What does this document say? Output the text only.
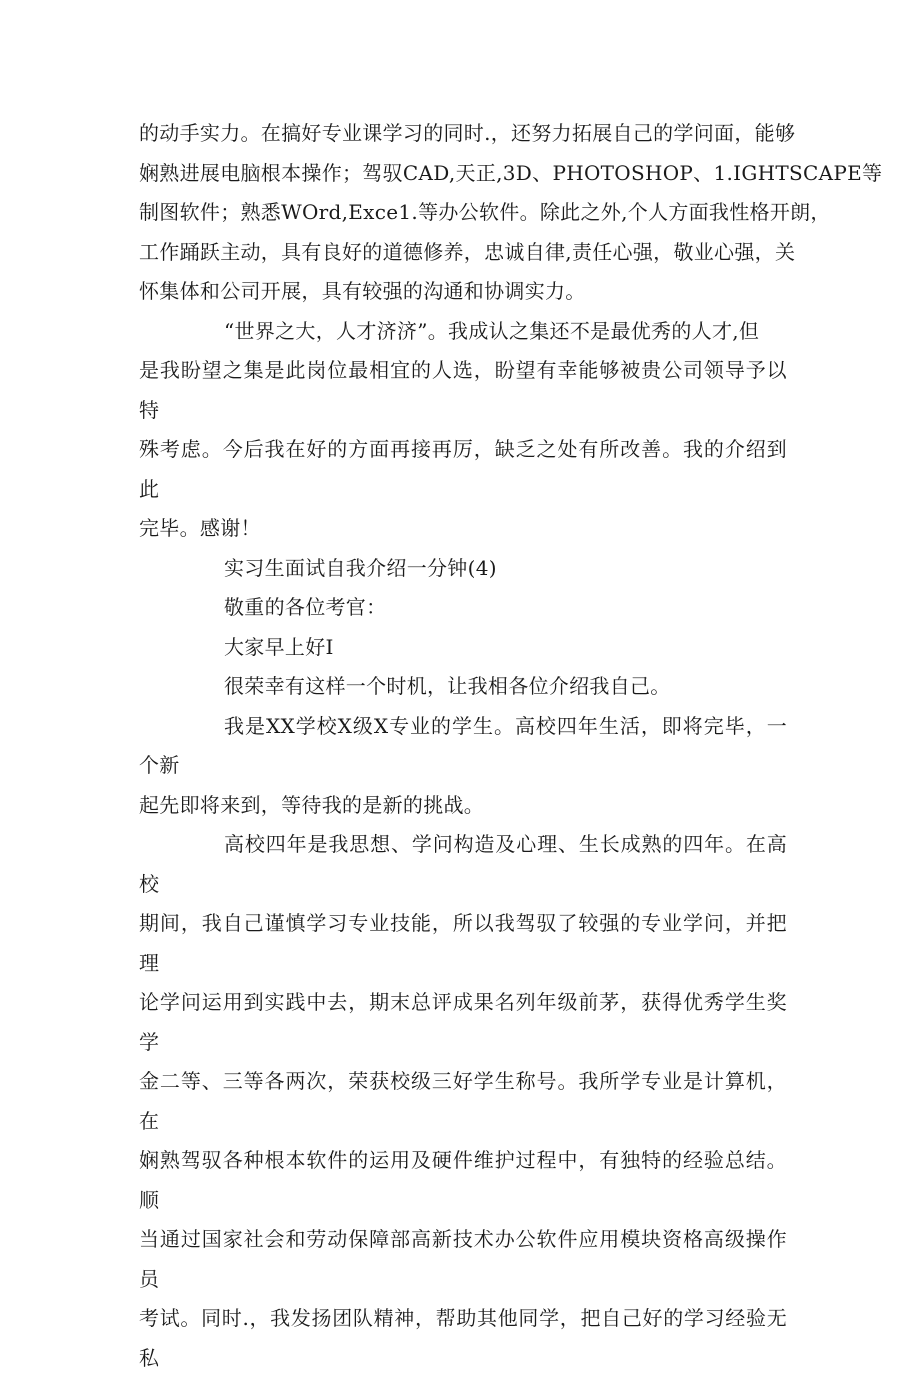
的动手实力。在搞好专业课学习的同时.，还努力拓展自己的学问面，能够
娴熟进展电脑根本操作；驾驭CAD,天正,3D、PHOTOSHOP、1.IGHTSCAPE等
制图软件；熟悉WOrd,Exce1.等办公软件。除此之外,个人方面我性格开朗，
工作踊跃主动，具有良好的道德修养，忠诚自律,责任心强，敬业心强，关
怀集体和公司开展，具有较强的沟通和协调实力。

“世界之大，人才济济”。我成认之集还不是最优秀的人才,但
是我盼望之集是此岗位最相宜的人选，盼望有幸能够被贵公司领导予以特
殊考虑。今后我在好的方面再接再厉，缺乏之处有所改善。我的介绍到此
完毕。感谢！

实习生面试自我介绍一分钟(4)

敬重的各位考官：

大家早上好I

很荣幸有这样一个时机，让我相各位介绍我自己。

我是XX学校X级X专业的学生。高校四年生活，即将完毕，一个新
起先即将来到，等待我的是新的挑战。

高校四年是我思想、学问构造及心理、生长成熟的四年。在高校
期间，我自己谨慎学习专业技能，所以我驾驭了较强的专业学问，并把理
论学问运用到实践中去，期末总评成果名列年级前茅，获得优秀学生奖学
金二等、三等各两次，荣获校级三好学生称号。我所学专业是计算机，在
娴熟驾驭各种根本软件的运用及硬件维护过程中，有独特的经验总结。顺
当通过国家社会和劳动保障部高新技术办公软件应用模块资格高级操作员
考试。同时.，我发扬团队精神，帮助其他同学，把自己好的学习经验无私
